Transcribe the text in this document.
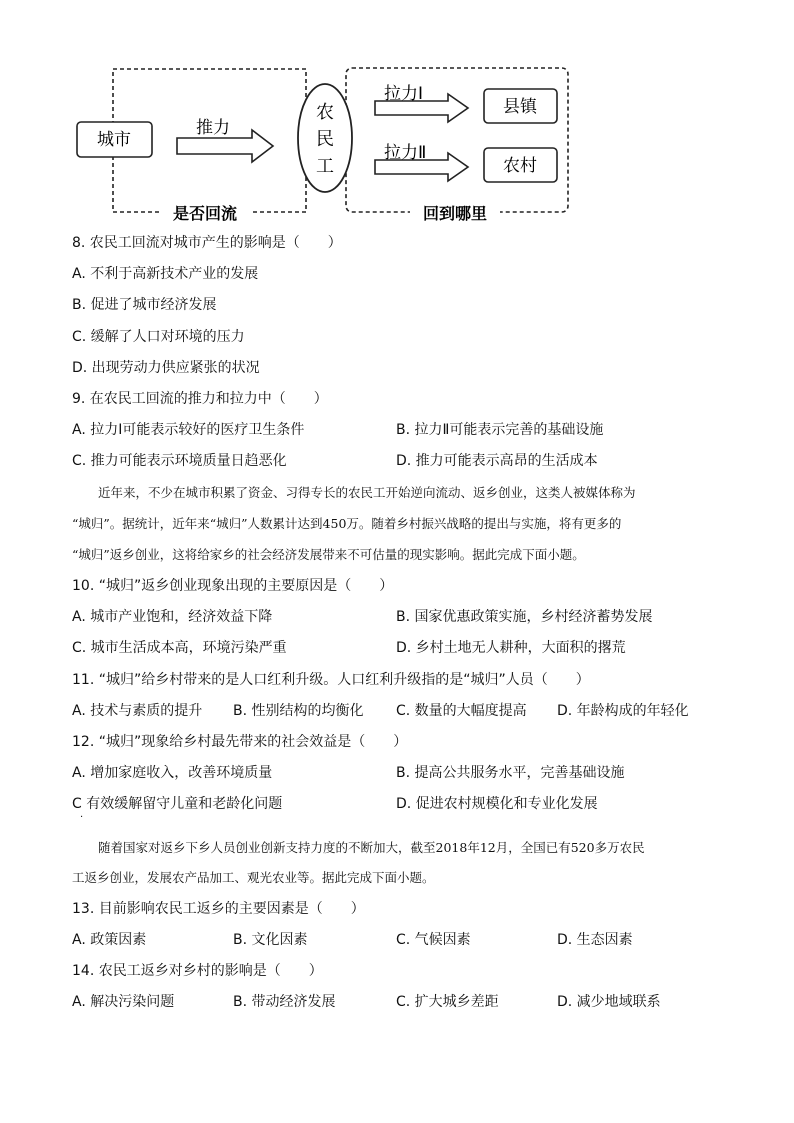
城市
推力
农
民
工
拉力Ⅰ
拉力Ⅱ
县镇
农村
是否回流	回到哪里
8. 农民工回流对城市产生的影响是（　　）
A. 不利于高新技术产业的发展
B. 促进了城市经济发展
C. 缓解了人口对环境的压力
D. 出现劳动力供应紧张的状况
9. 在农民工回流的推力和拉力中（　　）
A. 拉力Ⅰ可能表示较好的医疗卫生条件	B. 拉力Ⅱ可能表示完善的基础设施
C. 推力可能表示环境质量日趋恶化	D. 推力可能表示高昂的生活成本
近年来，不少在城市积累了资金、习得专长的农民工开始逆向流动、返乡创业，这类人被媒体称为
“城归”。据统计，近年来“城归”人数累计达到450万。随着乡村振兴战略的提出与实施，将有更多的
“城归”返乡创业，这将给家乡的社会经济发展带来不可估量的现实影响。据此完成下面小题。
10. “城归”返乡创业现象出现的主要原因是（　　）
A. 城市产业饱和，经济效益下降	B. 国家优惠政策实施，乡村经济蓄势发展
C. 城市生活成本高，环境污染严重	D. 乡村土地无人耕种，大面积的撂荒
11. “城归”给乡村带来的是人口红利升级。人口红利升级指的是“城归”人员（　　）
A. 技术与素质的提升 B. 性别结构的均衡化 C. 数量的大幅度提高 D. 年龄构成的年轻化
12. “城归”现象给乡村最先带来的社会效益是（　　）
A. 增加家庭收入，改善环境质量	B. 提高公共服务水平，完善基础设施
C 有效缓解留守儿童和老龄化问题	D. 促进农村规模化和专业化发展
·
随着国家对返乡下乡人员创业创新支持力度的不断加大，截至2018年12月，全国已有520多万农民
工返乡创业，发展农产品加工、观光农业等。据此完成下面小题。
13. 目前影响农民工返乡的主要因素是（　　）
A. 政策因素	B. 文化因素	C. 气候因素	D. 生态因素
14. 农民工返乡对乡村的影响是（　　）
A. 解决污染问题	B. 带动经济发展	C. 扩大城乡差距	D. 减少地域联系
